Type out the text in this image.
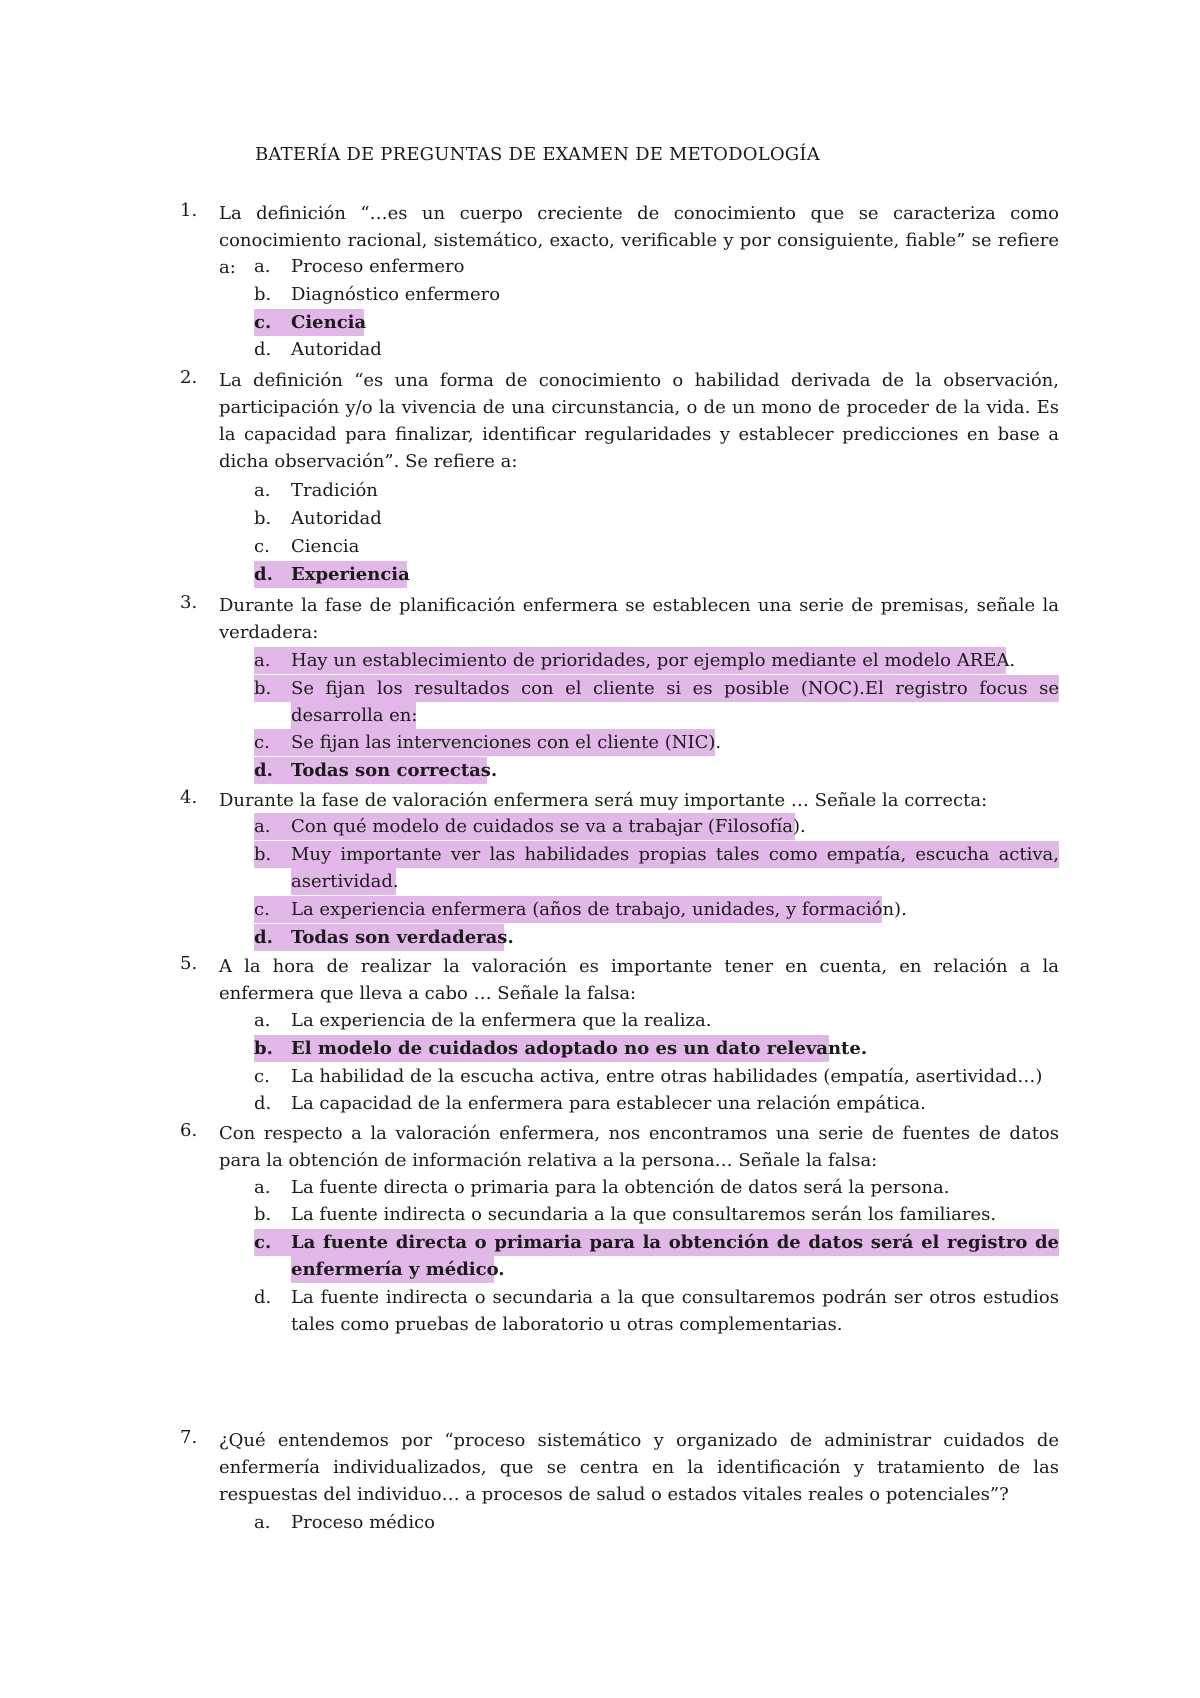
BATERÍA DE PREGUNTAS DE EXAMEN DE METODOLOGÍA
1. La definición “…es un cuerpo creciente de conocimiento que se caracteriza como conocimiento racional, sistemático, exacto, verificable y por consiguiente, fiable” se refiere a:	a. Proceso enfermero
b. Diagnóstico enfermero
c. Ciencia
d. Autoridad
2. La definición “es una forma de conocimiento o habilidad derivada de la observación, participación y/o la vivencia de una circunstancia, o de un mono de proceder de la vida. Es la capacidad para finalizar, identificar regularidades y establecer predicciones en base a dicha observación”. Se refiere a:
a. Tradición
b. Autoridad
c. Ciencia
d. Experiencia
3. Durante la fase de planificación enfermera se establecen una serie de premisas, señale la verdadera:
a. Hay un establecimiento de prioridades, por ejemplo mediante el modelo AREA.
b. Se fijan los resultados con el cliente si es posible (NOC).El registro focus se desarrolla en:
c. Se fijan las intervenciones con el cliente (NIC).
d. Todas son correctas.
4. Durante la fase de valoración enfermera será muy importante … Señale la correcta:
a. Con qué modelo de cuidados se va a trabajar (Filosofía).
b. Muy importante ver las habilidades propias tales como empatía, escucha activa, asertividad.
c. La experiencia enfermera (años de trabajo, unidades, y formación).
d. Todas son verdaderas.
5. A la hora de realizar la valoración es importante tener en cuenta, en relación a la enfermera que lleva a cabo … Señale la falsa:
a. La experiencia de la enfermera que la realiza.
b. El modelo de cuidados adoptado no es un dato relevante.
c. La habilidad de la escucha activa, entre otras habilidades (empatía, asertividad…)
d. La capacidad de la enfermera para establecer una relación empática.
6. Con respecto a la valoración enfermera, nos encontramos una serie de fuentes de datos para la obtención de información relativa a la persona… Señale la falsa:
a. La fuente directa o primaria para la obtención de datos será la persona.
b. La fuente indirecta o secundaria a la que consultaremos serán los familiares.
c. La fuente directa o primaria para la obtención de datos será el registro de enfermería y médico.
d. La fuente indirecta o secundaria a la que consultaremos podrán ser otros estudios tales como pruebas de laboratorio u otras complementarias.
7. ¿Qué entendemos por “proceso sistemático y organizado de administrar cuidados de enfermería individualizados, que se centra en la identificación y tratamiento de las respuestas del individuo… a procesos de salud o estados vitales reales o potenciales”?
a. Proceso médico
